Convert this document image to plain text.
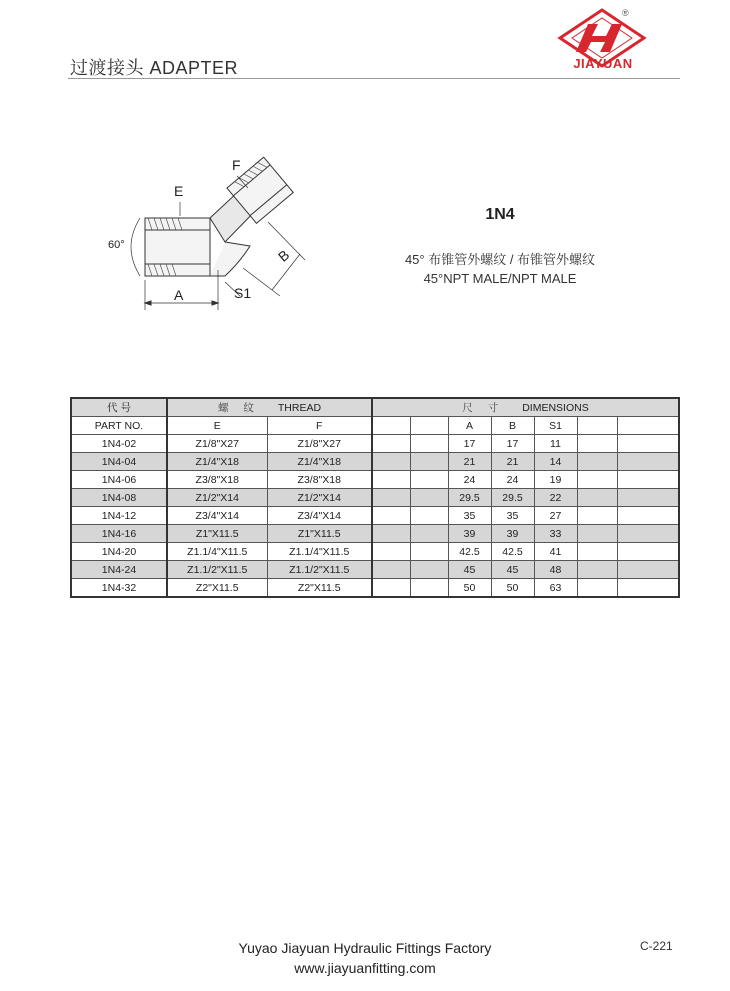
过渡接头 ADAPTER
®
JIAYUAN
E
F
B
A	S1
60°
1N4
45° 布锥管外螺纹 / 布锥管外螺纹
45°NPT MALE/NPT MALE
代 号	螺 纹 THREAD		尺 寸 DIMENSIONS						
PART NO.	E	F			A	B	S1		
1N4-02	Z1/8"X27	Z1/8"X27			17	17	11		
1N4-04	Z1/4"X18	Z1/4"X18			21	21	14		
1N4-06	Z3/8"X18	Z3/8"X18			24	24	19		
1N4-08	Z1/2"X14	Z1/2"X14			29.5	29.5	22		
1N4-12	Z3/4"X14	Z3/4"X14			35	35	27		
1N4-16	Z1"X11.5	Z1"X11.5			39	39	33		
1N4-20	Z1.1/4"X11.5	Z1.1/4"X11.5			42.5	42.5	41		
1N4-24	Z1.1/2"X11.5	Z1.1/2"X11.5			45	45	48		
1N4-32	Z2"X11.5	Z2"X11.5			50	50	63		
Yuyao Jiayuan Hydraulic Fittings Factory
www.jiayuanfitting.com
C-221
